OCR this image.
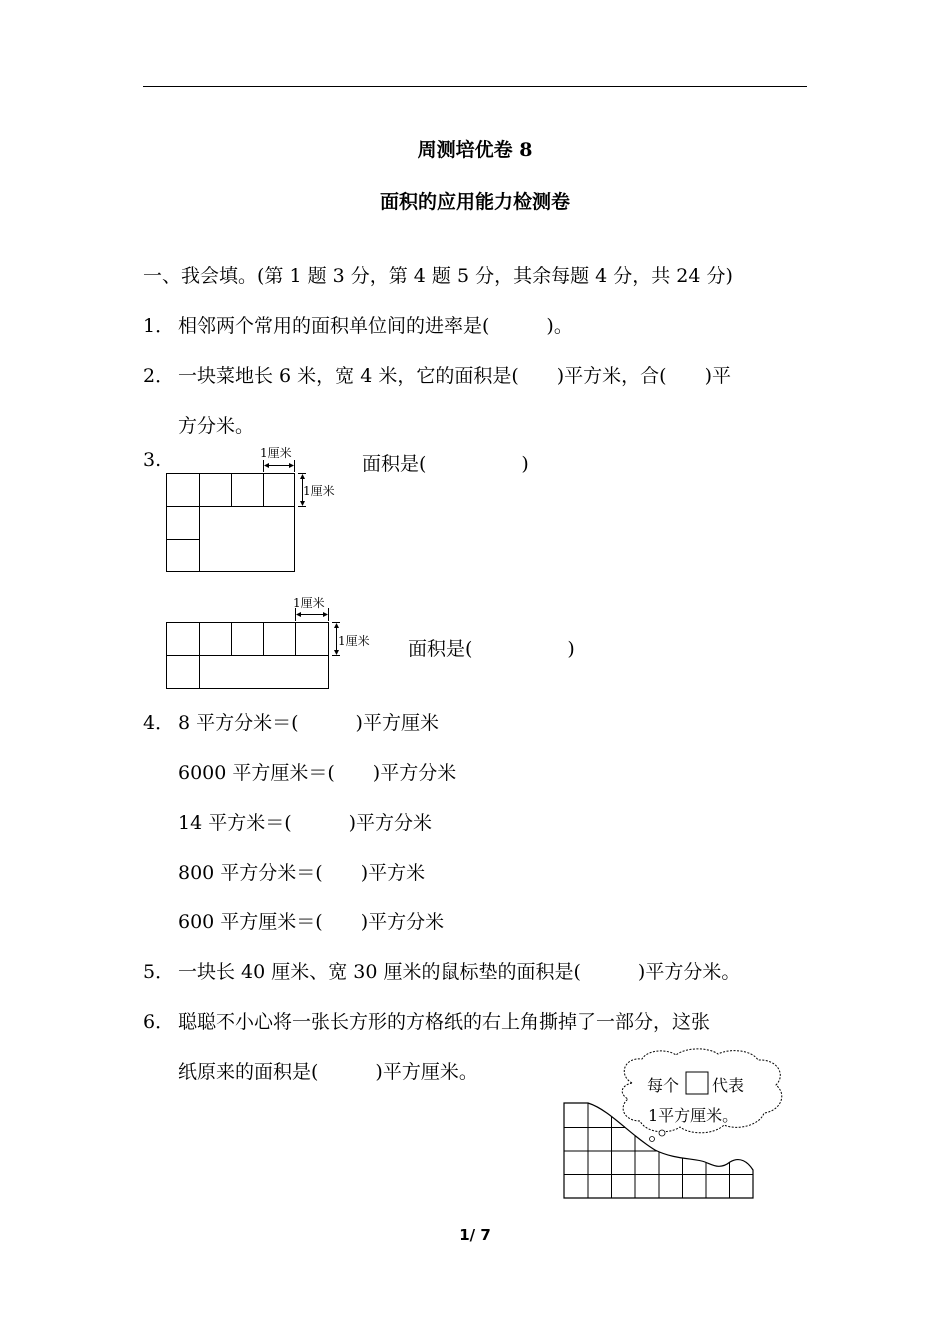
周测培优卷 8
面积的应用能力检测卷
一、我会填。(第 1 题 3 分，第 4 题 5 分，其余每题 4 分，共 24 分)
1． 相邻两个常用的面积单位间的进率是(　　　)。
2． 一块菜地长 6 米，宽 4 米，它的面积是(　　)平方米，合(　　)平
方分米。
3.	1厘米
1厘米
面积是(　　　　　)
1厘米
1厘米 面积是(　　　　　)
4． 8 平方分米＝(　　　)平方厘米
6000 平方厘米＝(　　)平方分米
14 平方米＝(　　　)平方分米
800 平方分米＝(　　)平方米
600 平方厘米＝(　　)平方分米
5． 一块长 40 厘米、宽 30 厘米的鼠标垫的面积是(　　　)平方分米。
6． 聪聪不小心将一张长方形的方格纸的右上角撕掉了一部分，这张
纸原来的面积是(　　　)平方厘米。
每个 代表
1平方厘米。
1/ 7
